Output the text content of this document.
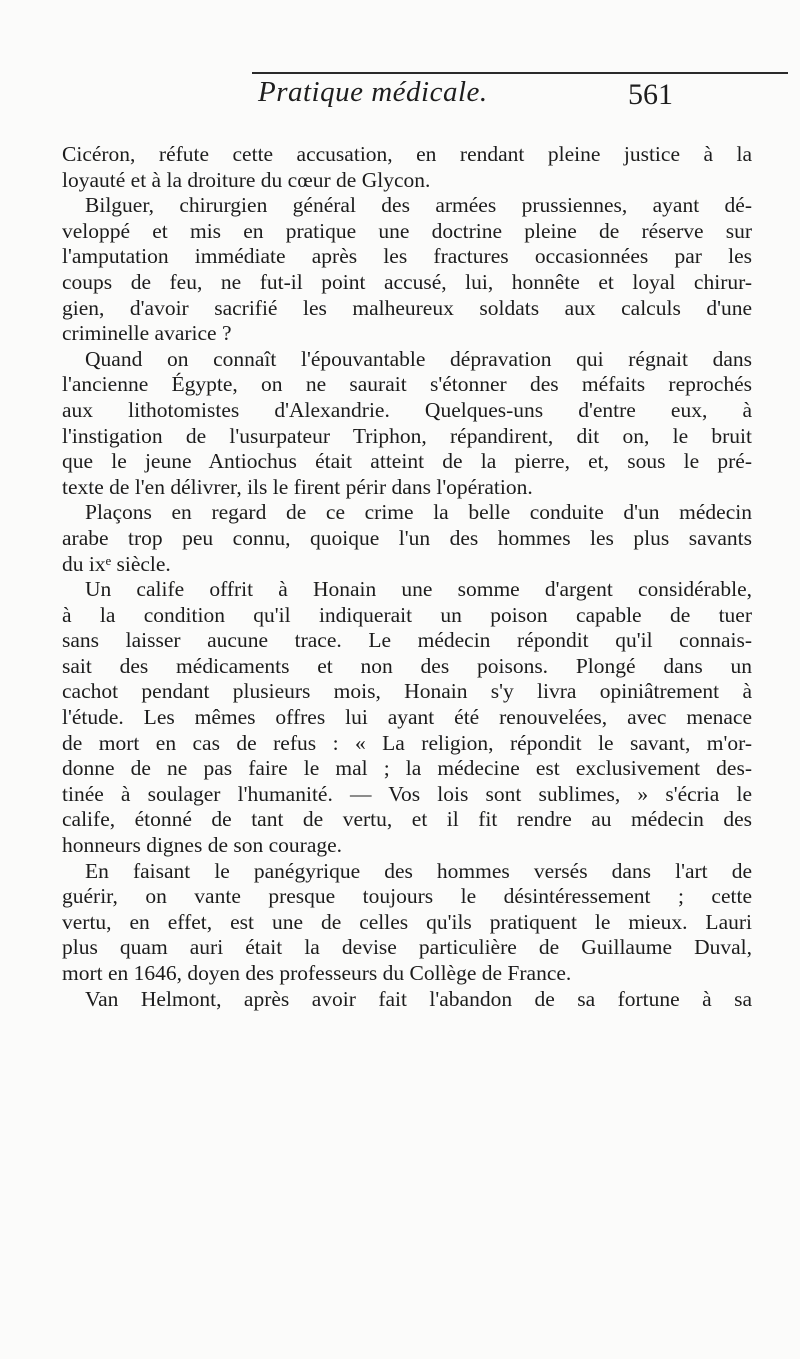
Pratique médicale.	561
Cicéron, réfute cette accusation, en rendant pleine justice à la
loyauté et à la droiture du cœur de Glycon.
Bilguer, chirurgien général des armées prussiennes, ayant dé-
veloppé et mis en pratique une doctrine pleine de réserve sur
l'amputation immédiate après les fractures occasionnées par les
coups de feu, ne fut-il point accusé, lui, honnête et loyal chirur-
gien, d'avoir sacrifié les malheureux soldats aux calculs d'une
criminelle avarice ?
Quand on connaît l'épouvantable dépravation qui régnait dans
l'ancienne Égypte, on ne saurait s'étonner des méfaits reprochés
aux lithotomistes d'Alexandrie. Quelques-uns d'entre eux, à
l'instigation de l'usurpateur Triphon, répandirent, dit on, le bruit
que le jeune Antiochus était atteint de la pierre, et, sous le pré-
texte de l'en délivrer, ils le firent périr dans l'opération.
Plaçons en regard de ce crime la belle conduite d'un médecin
arabe trop peu connu, quoique l'un des hommes les plus savants
du ixᵉ siècle.
Un calife offrit à Honain une somme d'argent considérable,
à la condition qu'il indiquerait un poison capable de tuer
sans laisser aucune trace. Le médecin répondit qu'il connais-
sait des médicaments et non des poisons. Plongé dans un
cachot pendant plusieurs mois, Honain s'y livra opiniâtrement à
l'étude. Les mêmes offres lui ayant été renouvelées, avec menace
de mort en cas de refus : « La religion, répondit le savant, m'or-
donne de ne pas faire le mal ; la médecine est exclusivement des-
tinée à soulager l'humanité. — Vos lois sont sublimes, » s'écria le
calife, étonné de tant de vertu, et il fit rendre au médecin des
honneurs dignes de son courage.
En faisant le panégyrique des hommes versés dans l'art de
guérir, on vante presque toujours le désintéressement ; cette
vertu, en effet, est une de celles qu'ils pratiquent le mieux. Lauri
plus quam auri était la devise particulière de Guillaume Duval,
mort en 1646, doyen des professeurs du Collège de France.
Van Helmont, après avoir fait l'abandon de sa fortune à sa
